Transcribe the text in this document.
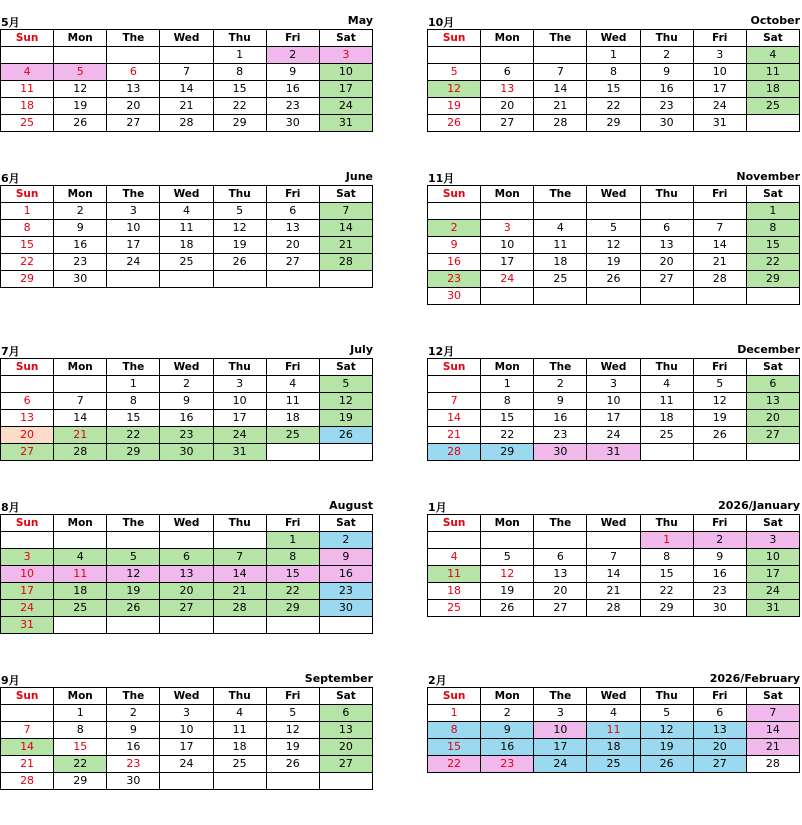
5月	May
Sun	Mon	The	Wed	Thu	Fri	Sat
				1	2	3
4	5	6	7	8	9	10
11	12	13	14	15	16	17
18	19	20	21	22	23	24
25	26	27	28	29	30	31
6月	June
Sun	Mon	The	Wed	Thu	Fri	Sat
1	2	3	4	5	6	7
8	9	10	11	12	13	14
15	16	17	18	19	20	21
22	23	24	25	26	27	28
29	30					
7月	July
Sun	Mon	The	Wed	Thu	Fri	Sat
		1	2	3	4	5
6	7	8	9	10	11	12
13	14	15	16	17	18	19
20	21	22	23	24	25	26
27	28	29	30	31		
8月	August
Sun	Mon	The	Wed	Thu	Fri	Sat
					1	2
3	4	5	6	7	8	9
10	11	12	13	14	15	16
17	18	19	20	21	22	23
24	25	26	27	28	29	30
31						
9月	September
Sun	Mon	The	Wed	Thu	Fri	Sat
	1	2	3	4	5	6
7	8	9	10	11	12	13
14	15	16	17	18	19	20
21	22	23	24	25	26	27
28	29	30				
10月	October
Sun	Mon	The	Wed	Thu	Fri	Sat
			1	2	3	4
5	6	7	8	9	10	11
12	13	14	15	16	17	18
19	20	21	22	23	24	25
26	27	28	29	30	31	
11月	November
Sun	Mon	The	Wed	Thu	Fri	Sat
						1
2	3	4	5	6	7	8
9	10	11	12	13	14	15
16	17	18	19	20	21	22
23	24	25	26	27	28	29
30						
12月	December
Sun	Mon	The	Wed	Thu	Fri	Sat
	1	2	3	4	5	6
7	8	9	10	11	12	13
14	15	16	17	18	19	20
21	22	23	24	25	26	27
28	29	30	31			
1月	2026/January
Sun	Mon	The	Wed	Thu	Fri	Sat
				1	2	3
4	5	6	7	8	9	10
11	12	13	14	15	16	17
18	19	20	21	22	23	24
25	26	27	28	29	30	31
2月	2026/February
Sun	Mon	The	Wed	Thu	Fri	Sat
1	2	3	4	5	6	7
8	9	10	11	12	13	14
15	16	17	18	19	20	21
22	23	24	25	26	27	28
